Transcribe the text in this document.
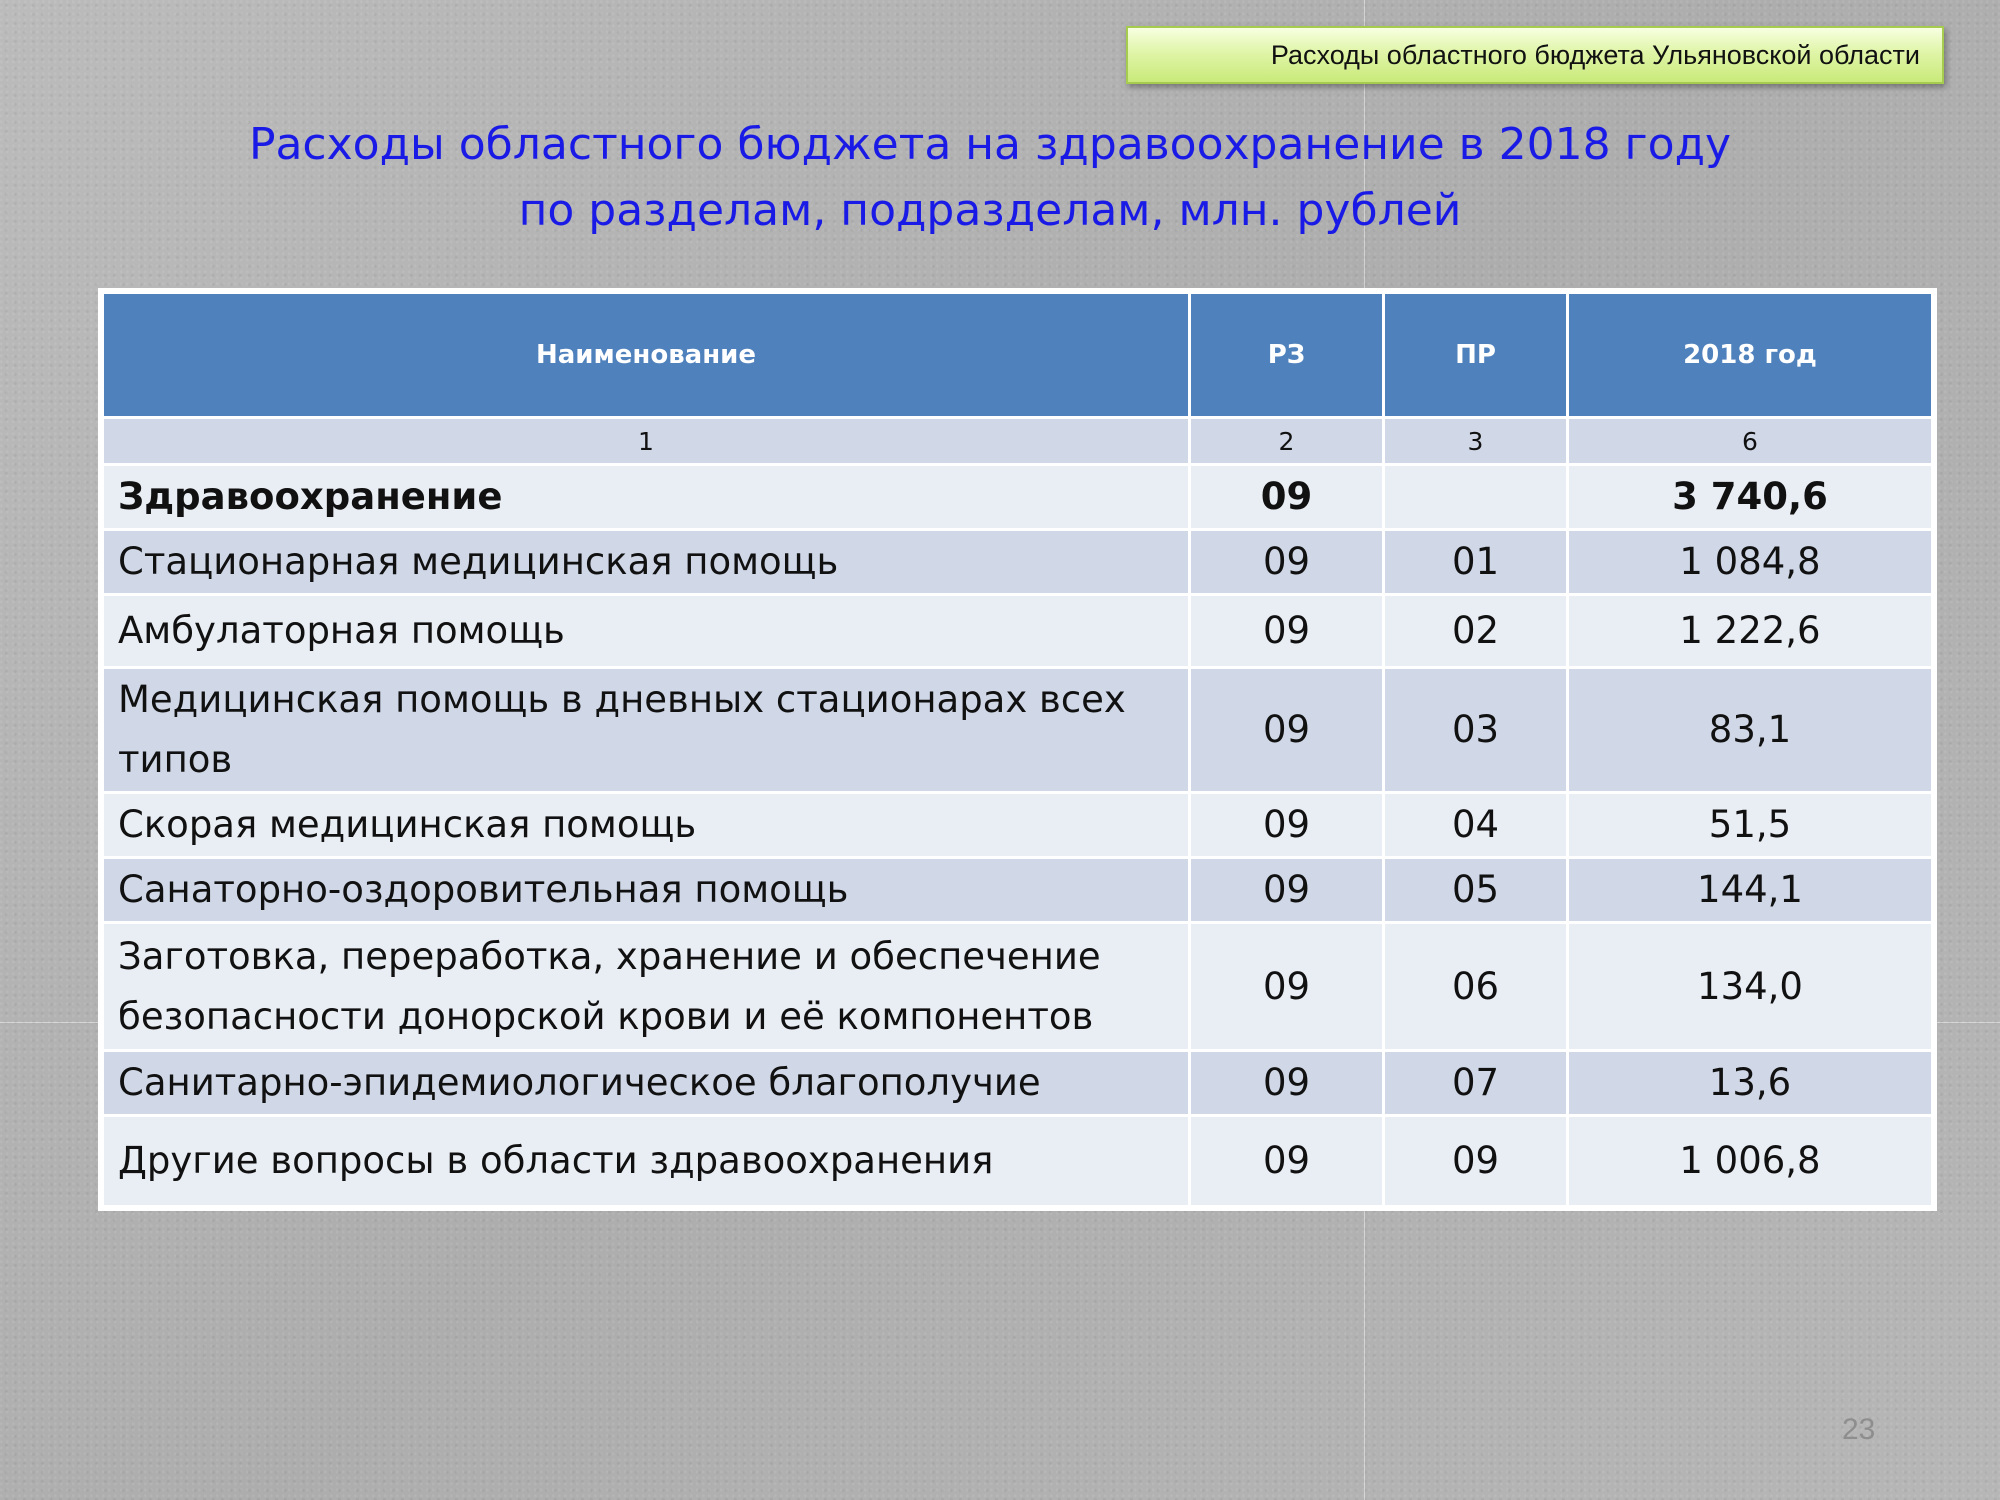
Расходы областного бюджета Ульяновской области
Расходы областного бюджета на здравоохранение в 2018 году
по разделам, подразделам, млн. рублей
Наименование	РЗ	ПР	2018 год
1	2	3	6
Здравоохранение	09		3 740,6
Стационарная медицинская помощь	09	01	1 084,8
Амбулаторная помощь	09	02	1 222,6
Медицинская помощь в дневных стационарах всех типов	09	03	83,1
Скорая медицинская помощь	09	04	51,5
Санаторно-оздоровительная помощь	09	05	144,1
Заготовка, переработка, хранение и обеспечение безопасности донорской крови и её компонентов	09	06	134,0
Санитарно-эпидемиологическое благополучие	09	07	13,6
Другие вопросы в области здравоохранения	09	09	1 006,8
23
